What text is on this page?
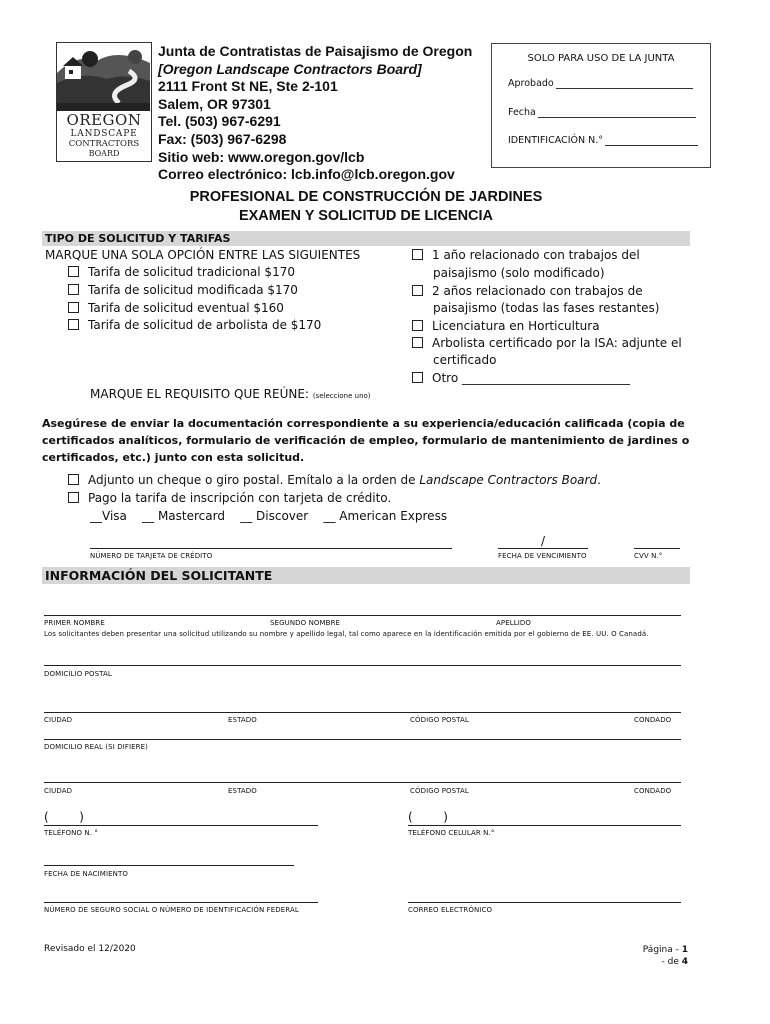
OREGON
LANDSCAPE
CONTRACTORS
BOARD
Junta de Contratistas de Paisajismo de Oregon
[Oregon Landscape Contractors Board]
2111 Front St NE, Ste 2-101
Salem, OR 97301
Tel. (503) 967-6291
Fax: (503) 967-6298
Sitio web: www.oregon.gov/lcb
Correo electrónico: lcb.info@lcb.oregon.gov
SOLO PARA USO DE LA JUNTA
Aprobado
Fecha
IDENTIFICACIÓN N.°
PROFESIONAL DE CONSTRUCCIÓN DE JARDINES
EXAMEN Y SOLICITUD DE LICENCIA
TIPO DE SOLICITUD Y TARIFAS
MARQUE UNA SOLA OPCIÓN ENTRE LAS SIGUIENTES
Tarifa de solicitud tradicional $170
Tarifa de solicitud modificada $170
Tarifa de solicitud eventual $160
Tarifa de solicitud de arbolista de $170
1 año relacionado con trabajos del
paisajismo (solo modificado)
2 años relacionado con trabajos de
paisajismo (todas las fases restantes)
Licenciatura en Horticultura
Arbolista certificado por la ISA: adjunte el
certificado
Otro ____________________________
MARQUE EL REQUISITO QUE REÚNE: (seleccione uno)
Asegúrese de enviar la documentación correspondiente a su experiencia/educación calificada (copia de certificados analíticos, formulario de verificación de empleo, formulario de mantenimiento de jardines o certificados, etc.) junto con esta solicitud.
Adjunto un cheque o giro postal. Emítalo a la orden de Landscape Contractors Board.
Pago la tarifa de inscripción con tarjeta de crédito.
__Visa    __ Mastercard    __ Discover    __ American Express
NÚMERO DE TARJETA DE CRÉDITO
/
FECHA DE VENCIMIENTO	CVV N.°
INFORMACIÓN DEL SOLICITANTE
PRIMER NOMBRE	SEGUNDO NOMBRE	APELLIDO
Los solicitantes deben presentar una solicitud utilizando su nombre y apellido legal, tal como aparece en la identificación emitida por el gobierno de EE. UU. O Canadá.
DOMICILIO POSTAL
CIUDAD	ESTADO	CÓDIGO POSTAL	CONDADO
DOMICILIO REAL (SI DIFIERE)
CIUDAD	ESTADO	CÓDIGO POSTAL	CONDADO
(        )
TELÉFONO N. °
(        )
TELÉFONO CELULAR N.°
FECHA DE NACIMIENTO
NÚMERO DE SEGURO SOCIAL O NÚMERO DE IDENTIFICACIÓN FEDERAL	CORREO ELECTRÓNICO
Revisado el 12/2020	Página - 1
- de 4
